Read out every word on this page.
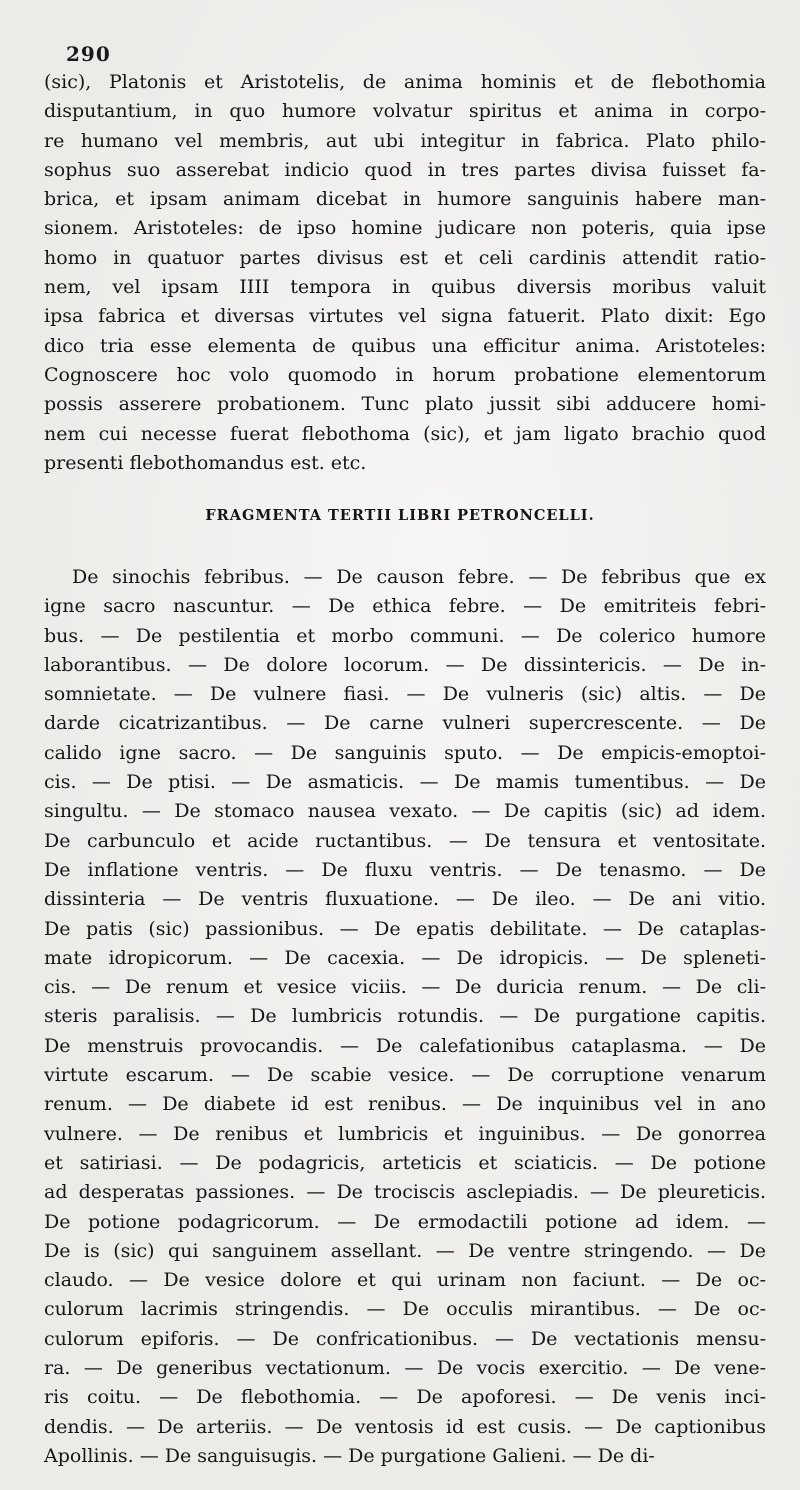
290
(sic), Platonis et Aristotelis, de anima hominis et de flebothomia
disputantium, in quo humore volvatur spiritus et anima in corpo-
re humano vel membris, aut ubi integitur in fabrica. Plato philo-
sophus suo asserebat indicio quod in tres partes divisa fuisset fa-
brica, et ipsam animam dicebat in humore sanguinis habere man-
sionem. Aristoteles: de ipso homine judicare non poteris, quia ipse
homo in quatuor partes divisus est et celi cardinis attendit ratio-
nem, vel ipsam IIII tempora in quibus diversis moribus valuit
ipsa fabrica et diversas virtutes vel signa fatuerit. Plato dixit: Ego
dico tria esse elementa de quibus una efficitur anima. Aristoteles:
Cognoscere hoc volo quomodo in horum probatione elementorum
possis asserere probationem. Tunc plato jussit sibi adducere homi-
nem cui necesse fuerat flebothoma (sic), et jam ligato brachio quod
presenti flebothomandus est. etc.
FRAGMENTA TERTII LIBRI PETRONCELLI.
De sinochis febribus. — De causon febre. — De febribus que ex
igne sacro nascuntur. — De ethica febre. — De emitriteis febri-
bus. — De pestilentia et morbo communi. — De colerico humore
laborantibus. — De dolore locorum. — De dissintericis. — De in-
somnietate. — De vulnere fiasi. — De vulneris (sic) altis. — De
darde cicatrizantibus. — De carne vulneri supercrescente. — De
calido igne sacro. — De sanguinis sputo. — De empicis-emoptoi-
cis. — De ptisi. — De asmaticis. — De mamis tumentibus. — De
singultu. — De stomaco nausea vexato. — De capitis (sic) ad idem.
De carbunculo et acide ructantibus. — De tensura et ventositate.
De inflatione ventris. — De fluxu ventris. — De tenasmo. — De
dissinteria — De ventris fluxuatione. — De ileo. — De ani vitio.
De patis (sic) passionibus. — De epatis debilitate. — De cataplas-
mate idropicorum. — De cacexia. — De idropicis. — De spleneti-
cis. — De renum et vesice viciis. — De duricia renum. — De cli-
steris paralisis. — De lumbricis rotundis. — De purgatione capitis.
De menstruis provocandis. — De calefationibus cataplasma. — De
virtute escarum. — De scabie vesice. — De corruptione venarum
renum. — De diabete id est renibus. — De inquinibus vel in ano
vulnere. — De renibus et lumbricis et inguinibus. — De gonorrea
et satiriasi. — De podagricis, arteticis et sciaticis. — De potione
ad desperatas passiones. — De trociscis asclepiadis. — De pleureticis.
De potione podagricorum. — De ermodactili potione ad idem. —
De is (sic) qui sanguinem assellant. — De ventre stringendo. — De
claudo. — De vesice dolore et qui urinam non faciunt. — De oc-
culorum lacrimis stringendis. — De occulis mirantibus. — De oc-
culorum epiforis. — De confricationibus. — De vectationis mensu-
ra. — De generibus vectationum. — De vocis exercitio. — De vene-
ris coitu. — De flebothomia. — De apoforesi. — De venis inci-
dendis. — De arteriis. — De ventosis id est cusis. — De captionibus
Apollinis. — De sanguisugis. — De purgatione Galieni. — De di-
